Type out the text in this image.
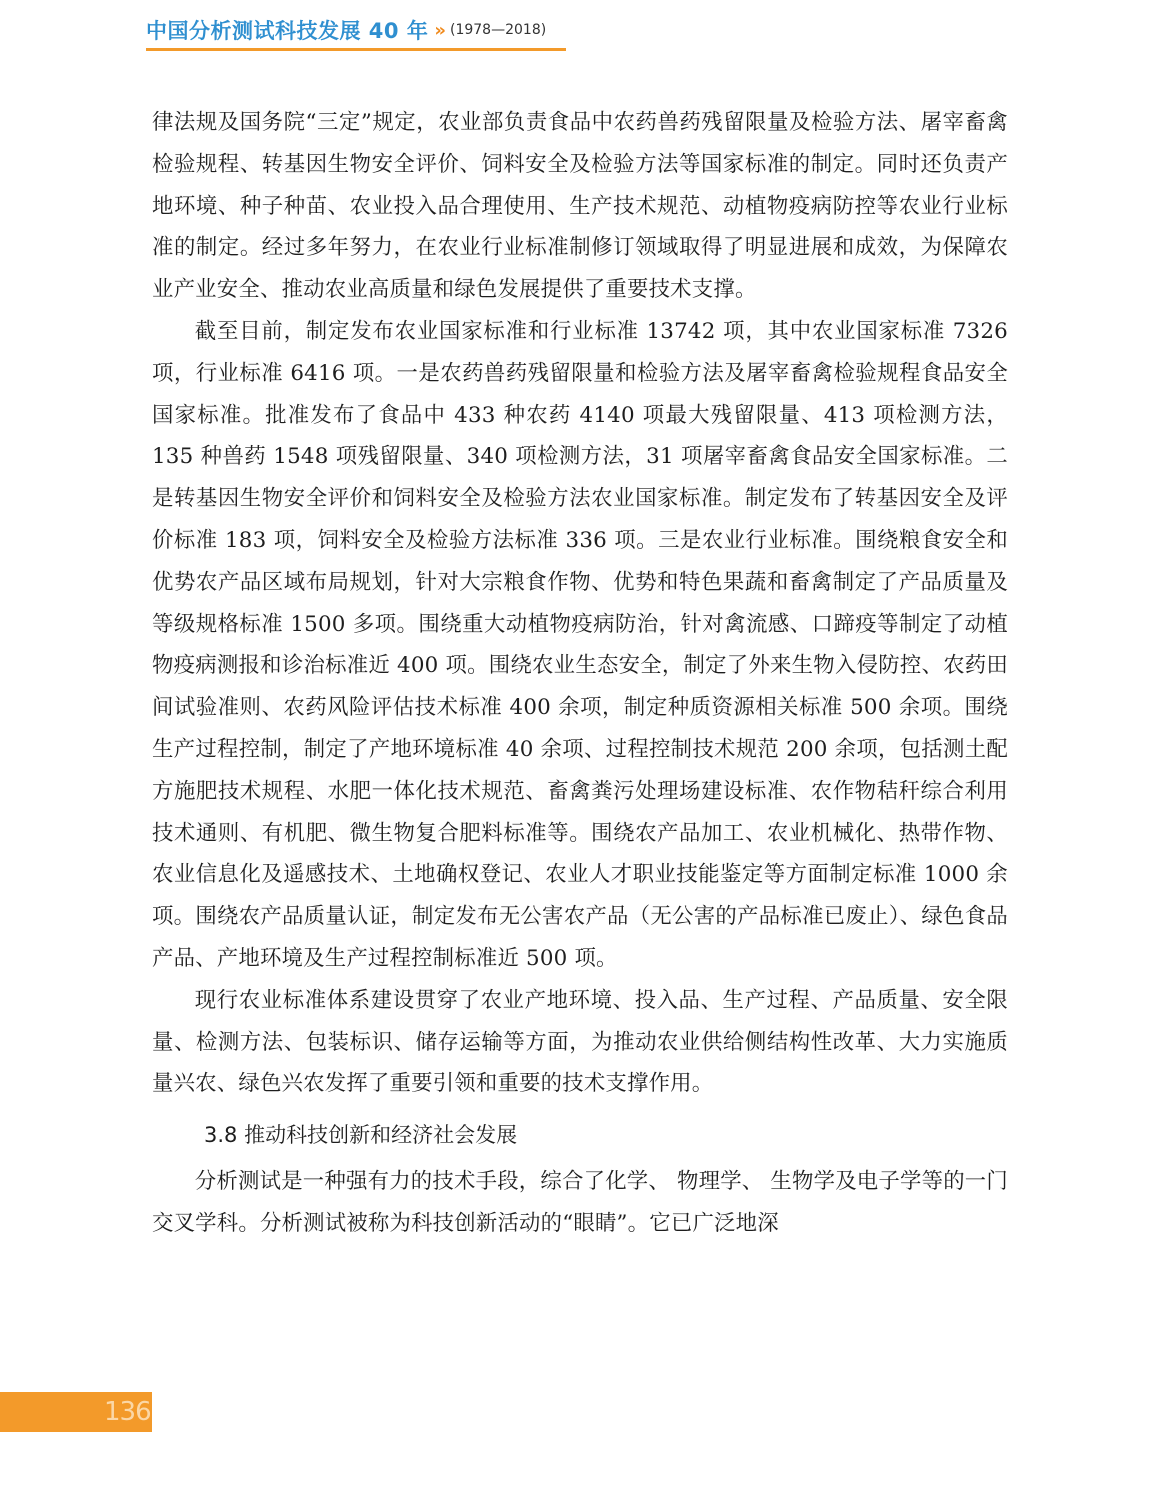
中国分析测试科技发展 40 年 » (1978—2018)

律法规及国务院“三定”规定，农业部负责食品中农药兽药残留限量及检验方法、屠宰畜禽检验规程、转基因生物安全评价、饲料安全及检验方法等国家标准的制定。同时还负责产地环境、种子种苗、农业投入品合理使用、生产技术规范、动植物疫病防控等农业行业标准的制定。经过多年努力，在农业行业标准制修订领域取得了明显进展和成效，为保障农业产业安全、推动农业高质量和绿色发展提供了重要技术支撑。

截至目前，制定发布农业国家标准和行业标准 13742 项，其中农业国家标准 7326 项，行业标准 6416 项。一是农药兽药残留限量和检验方法及屠宰畜禽检验规程食品安全国家标准。批准发布了食品中 433 种农药 4140 项最大残留限量、413 项检测方法，135 种兽药 1548 项残留限量、340 项检测方法，31 项屠宰畜禽食品安全国家标准。二是转基因生物安全评价和饲料安全及检验方法农业国家标准。制定发布了转基因安全及评价标准 183 项，饲料安全及检验方法标准 336 项。三是农业行业标准。围绕粮食安全和优势农产品区域布局规划，针对大宗粮食作物、优势和特色果蔬和畜禽制定了产品质量及等级规格标准 1500 多项。围绕重大动植物疫病防治，针对禽流感、口蹄疫等制定了动植物疫病测报和诊治标准近 400 项。围绕农业生态安全，制定了外来生物入侵防控、农药田间试验准则、农药风险评估技术标准 400 余项，制定种质资源相关标准 500 余项。围绕生产过程控制，制定了产地环境标准 40 余项、过程控制技术规范 200 余项，包括测土配方施肥技术规程、水肥一体化技术规范、畜禽粪污处理场建设标准、农作物秸秆综合利用技术通则、有机肥、微生物复合肥料标准等。围绕农产品加工、农业机械化、热带作物、农业信息化及遥感技术、土地确权登记、农业人才职业技能鉴定等方面制定标准 1000 余项。围绕农产品质量认证，制定发布无公害农产品（无公害的产品标准已废止）、绿色食品产品、产地环境及生产过程控制标准近 500 项。

现行农业标准体系建设贯穿了农业产地环境、投入品、生产过程、产品质量、安全限量、检测方法、包装标识、储存运输等方面，为推动农业供给侧结构性改革、大力实施质量兴农、绿色兴农发挥了重要引领和重要的技术支撑作用。

3.8 推动科技创新和经济社会发展

分析测试是一种强有力的技术手段，综合了化学、 物理学、 生物学及电子学等的一门交叉学科。分析测试被称为科技创新活动的“眼睛”。它已广泛地深

136
